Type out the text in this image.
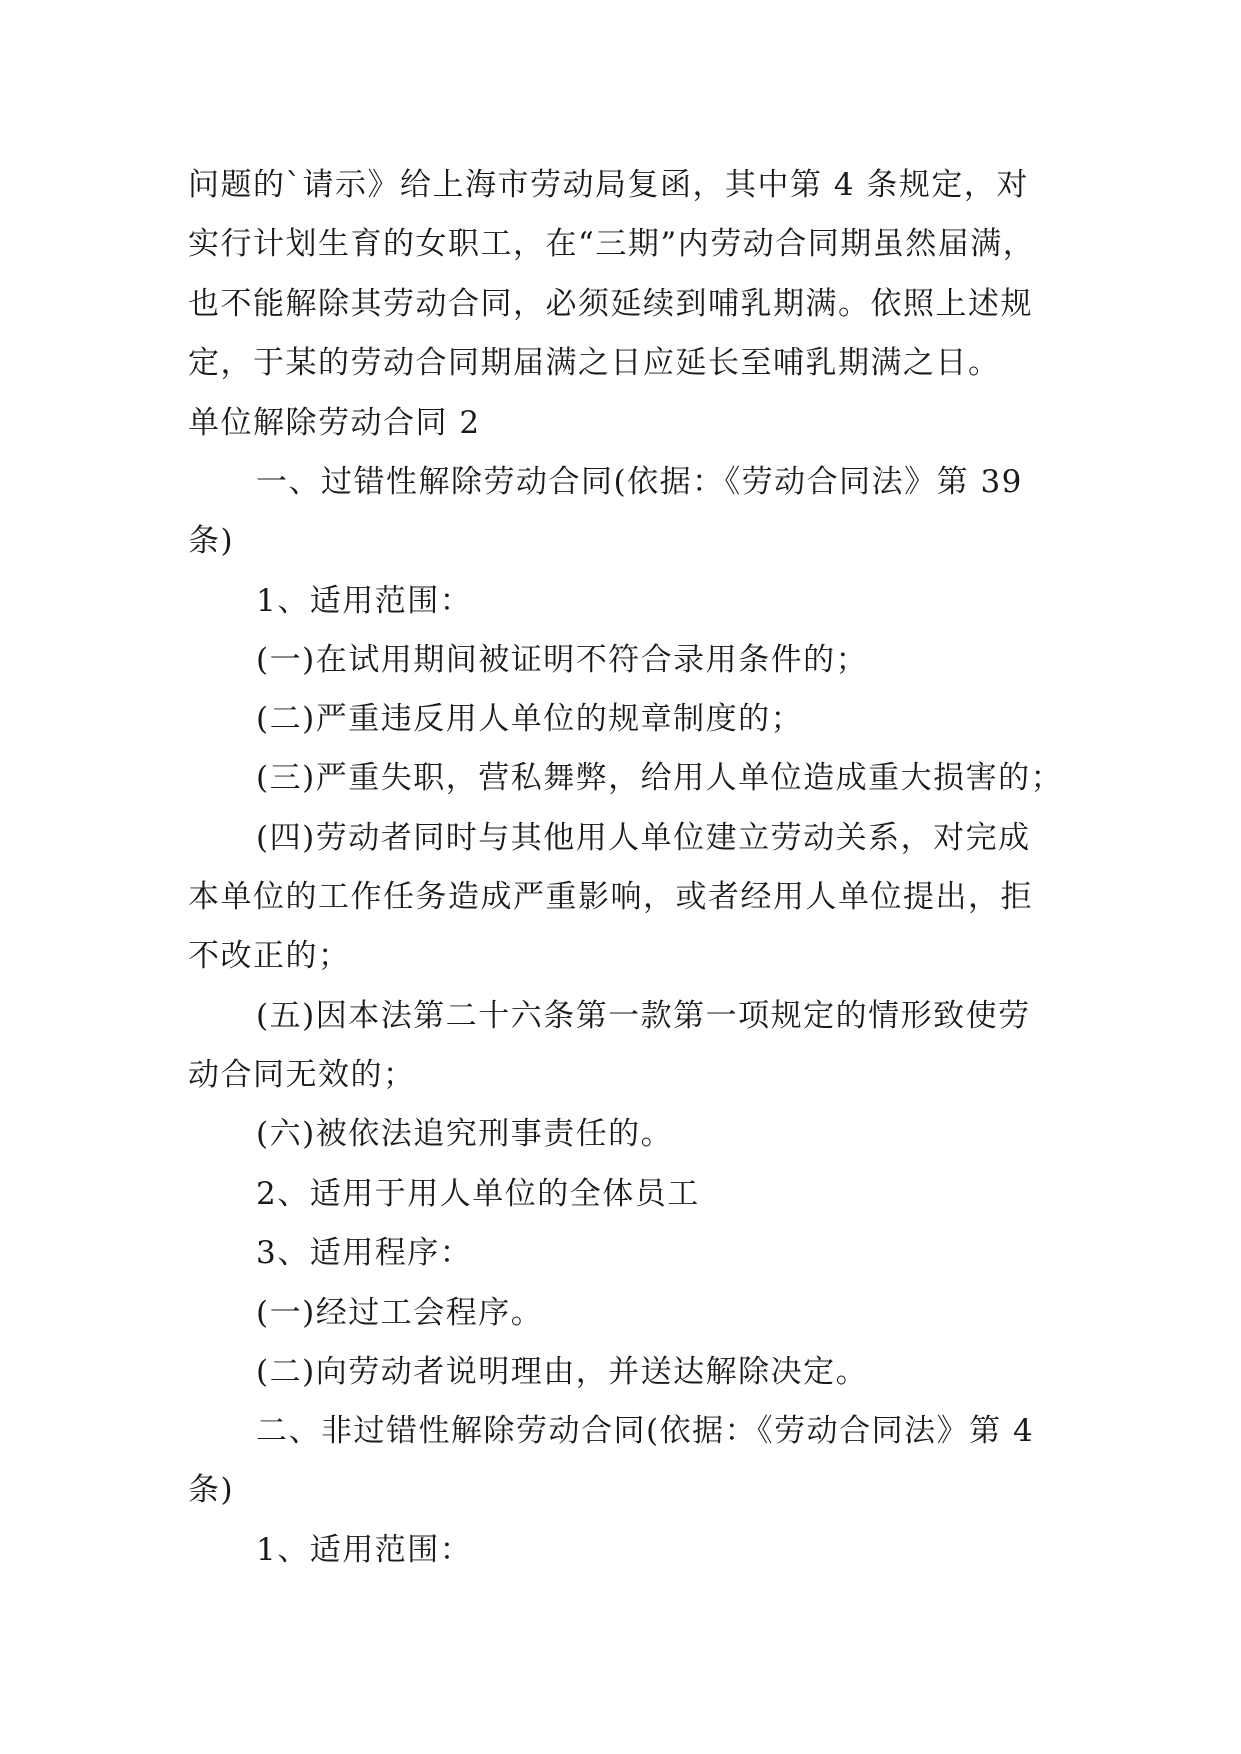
问题的`请示》给上海市劳动局复函，其中第 4 条规定，对
实行计划生育的女职工，在“三期”内劳动合同期虽然届满，
也不能解除其劳动合同，必须延续到哺乳期满。依照上述规
定，于某的劳动合同期届满之日应延长至哺乳期满之日。
单位解除劳动合同 2
一、过错性解除劳动合同(依据：《劳动合同法》第 39
条)
1、适用范围：
(一)在试用期间被证明不符合录用条件的；
(二)严重违反用人单位的规章制度的；
(三)严重失职，营私舞弊，给用人单位造成重大损害的；
(四)劳动者同时与其他用人单位建立劳动关系，对完成
本单位的工作任务造成严重影响，或者经用人单位提出，拒
不改正的；
(五)因本法第二十六条第一款第一项规定的情形致使劳
动合同无效的；
(六)被依法追究刑事责任的。
2、适用于用人单位的全体员工
3、适用程序：
(一)经过工会程序。
(二)向劳动者说明理由，并送达解除决定。
二、非过错性解除劳动合同(依据：《劳动合同法》第 4
条)
1、适用范围：
